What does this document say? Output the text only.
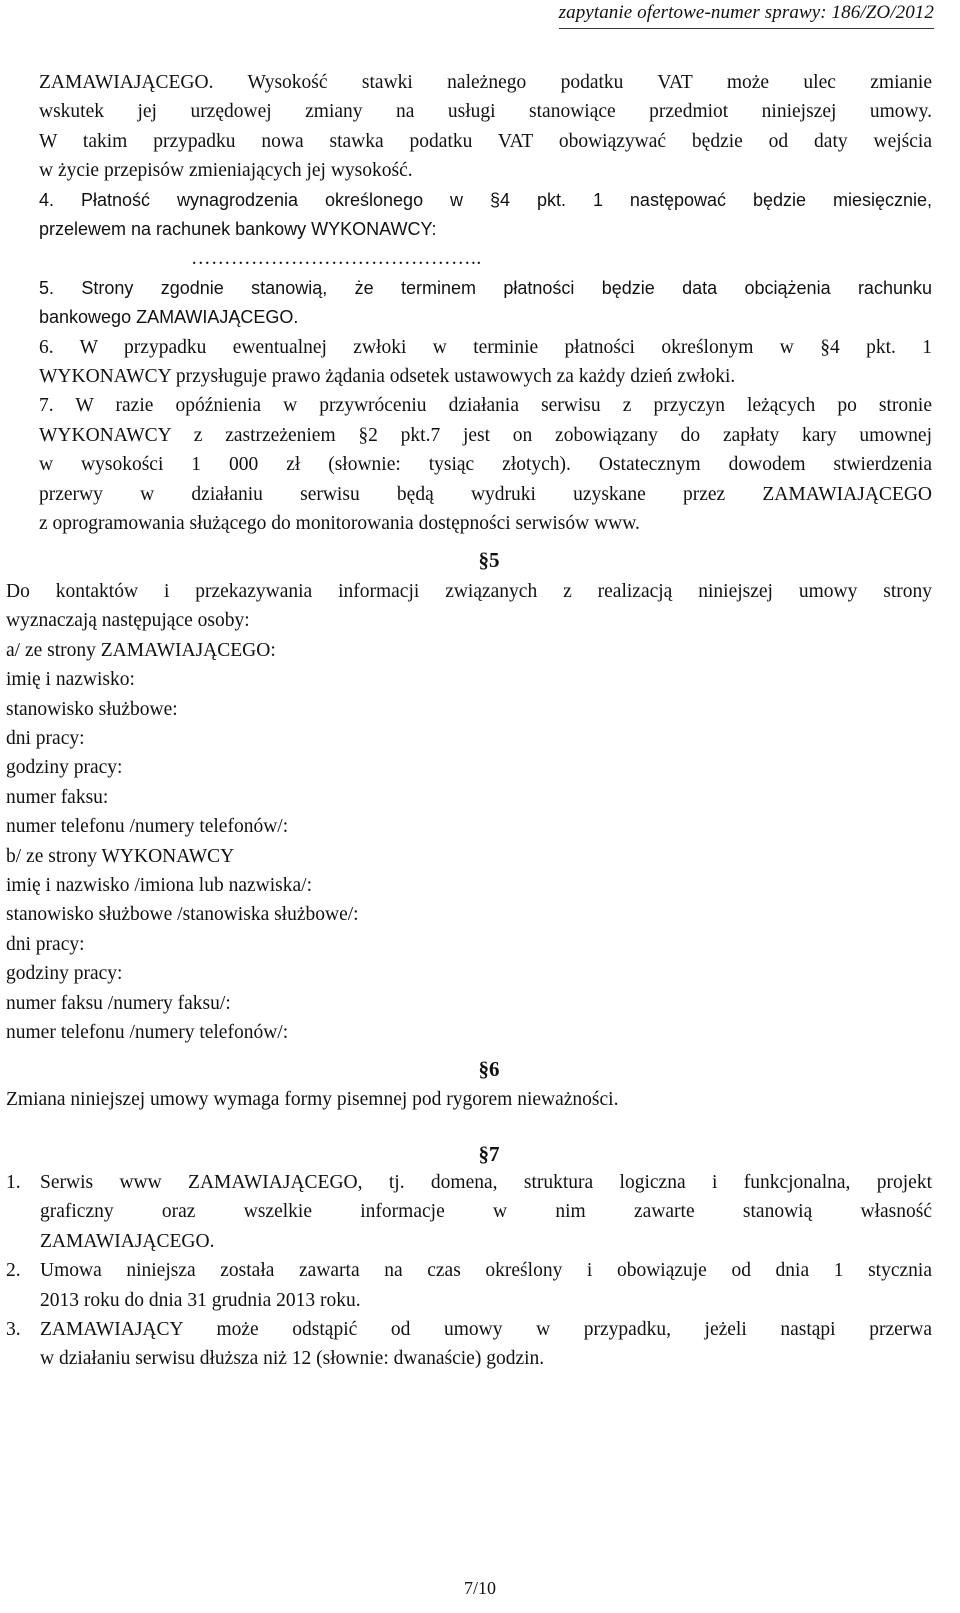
zapytanie ofertowe-numer sprawy: 186/ZO/2012
ZAMAWIAJĄCEGO. Wysokość stawki należnego podatku VAT może ulec zmianie
wskutek jej urzędowej zmiany na usługi stanowiące przedmiot niniejszej umowy.
W takim przypadku nowa stawka podatku VAT obowiązywać będzie od daty wejścia
w życie przepisów zmieniających jej wysokość.
4. Płatność wynagrodzenia określonego w §4 pkt. 1 następować będzie miesięcznie,
przelewem na rachunek bankowy WYKONAWCY:
……………………………………..
5. Strony zgodnie stanowią, że terminem płatności będzie data obciążenia rachunku
bankowego ZAMAWIAJĄCEGO.
6. W przypadku ewentualnej zwłoki w terminie płatności określonym w §4 pkt. 1
WYKONAWCY przysługuje prawo żądania odsetek ustawowych za każdy dzień zwłoki.
7. W razie opóźnienia w przywróceniu działania serwisu z przyczyn leżących po stronie
WYKONAWCY z zastrzeżeniem §2 pkt.7 jest on zobowiązany do zapłaty kary umownej
w wysokości 1 000 zł (słownie: tysiąc złotych). Ostatecznym dowodem stwierdzenia
przerwy w działaniu serwisu będą wydruki uzyskane przez ZAMAWIAJĄCEGO
z oprogramowania służącego do monitorowania dostępności serwisów www.
§5
Do kontaktów i przekazywania informacji związanych z realizacją niniejszej umowy strony
wyznaczają następujące osoby:
a/ ze strony ZAMAWIAJĄCEGO:
imię i nazwisko:
stanowisko służbowe:
dni pracy:
godziny pracy:
numer faksu:
numer telefonu /numery telefonów/:
b/ ze strony WYKONAWCY
imię i nazwisko /imiona lub nazwiska/:
stanowisko służbowe /stanowiska służbowe/:
dni pracy:
godziny pracy:
numer faksu /numery faksu/:
numer telefonu /numery telefonów/:
§6
Zmiana niniejszej umowy wymaga formy pisemnej pod rygorem nieważności.
§7
1. Serwis www ZAMAWIAJĄCEGO, tj. domena, struktura logiczna i funkcjonalna, projekt
graficzny oraz wszelkie informacje w nim zawarte stanowią własność
ZAMAWIAJĄCEGO.
2. Umowa niniejsza została zawarta na czas określony i obowiązuje od dnia 1 stycznia
2013 roku do dnia 31 grudnia 2013 roku.
3. ZAMAWIAJĄCY może odstąpić od umowy w przypadku, jeżeli nastąpi przerwa
w działaniu serwisu dłuższa niż 12 (słownie: dwanaście) godzin.
7/10
